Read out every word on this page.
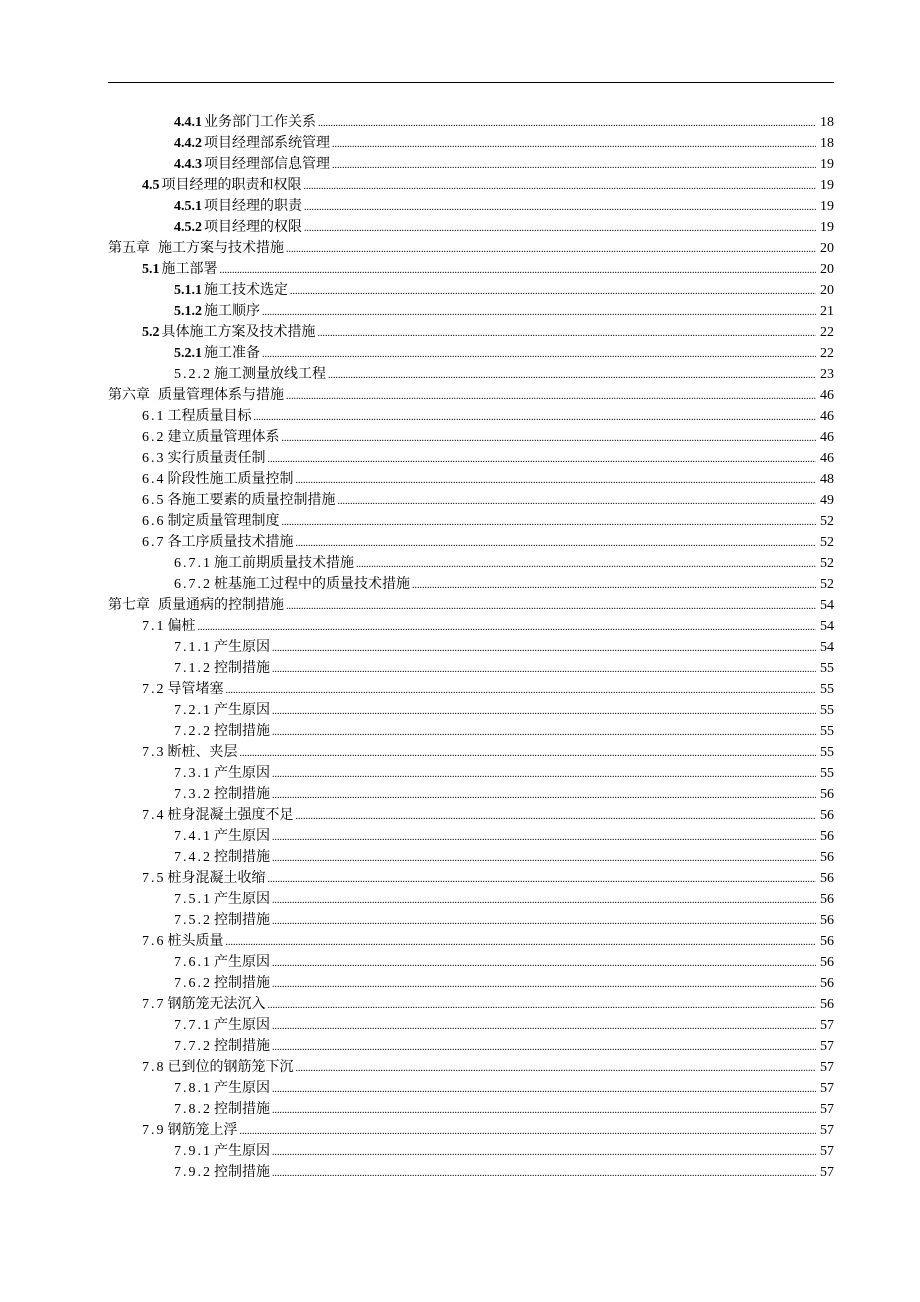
4.4.1 业务部门工作关系 .....	18
4.4.2 项目经理部系统管理 .....	18
4.4.3 项目经理部信息管理 .....	19
4.5 项目经理的职责和权限 .....	19
4.5.1 项目经理的职责 .....	19
4.5.2 项目经理的权限 .....	19
第五章 施工方案与技术措施 .....	20
5.1 施工部署 .....	20
5.1.1 施工技术选定 .....	20
5.1.2 施工顺序 .....	21
5.2 具体施工方案及技术措施 .....	22
5.2.1 施工准备 .....	22
5.2.2 施工测量放线工程 .....	23
第六章 质量管理体系与措施 .....	46
6.1 工程质量目标 .....	46
6.2 建立质量管理体系 .....	46
6.3 实行质量责任制 .....	46
6.4 阶段性施工质量控制 .....	48
6.5 各施工要素的质量控制措施 .....	49
6.6 制定质量管理制度 .....	52
6.7 各工序质量技术措施 .....	52
6.7.1 施工前期质量技术措施 .....	52
6.7.2 桩基施工过程中的质量技术措施 .....	52
第七章 质量通病的控制措施 .....	54
7.1 偏桩 .....	54
7.1.1 产生原因 .....	54
7.1.2 控制措施 .....	55
7.2 导管堵塞 .....	55
7.2.1 产生原因 .....	55
7.2.2 控制措施 .....	55
7.3 断桩、夹层 .....	55
7.3.1 产生原因 .....	55
7.3.2 控制措施 .....	56
7.4 桩身混凝土强度不足 .....	56
7.4.1 产生原因 .....	56
7.4.2 控制措施 .....	56
7.5 桩身混凝土收缩 .....	56
7.5.1 产生原因 .....	56
7.5.2 控制措施 .....	56
7.6 桩头质量 .....	56
7.6.1 产生原因 .....	56
7.6.2 控制措施 .....	56
7.7 钢筋笼无法沉入 .....	56
7.7.1 产生原因 .....	57
7.7.2 控制措施 .....	57
7.8 已到位的钢筋笼下沉 .....	57
7.8.1 产生原因 .....	57
7.8.2 控制措施 .....	57
7.9 钢筋笼上浮 .....	57
7.9.1 产生原因 .....	57
7.9.2 控制措施 .....	57
